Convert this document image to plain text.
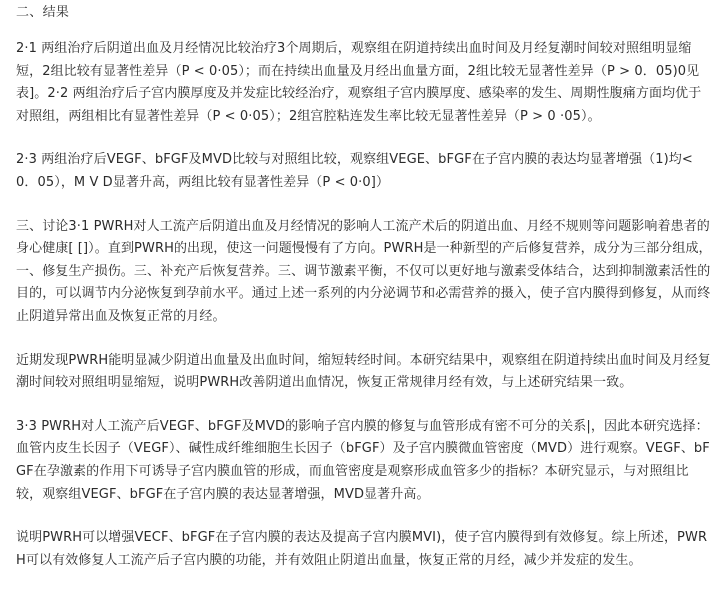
二、结果

2·1 两组治疗后阴道出血及月经情况比较治疗3个周期后，观察组在阴道持续出血时间及月经复潮时间较对照组明显缩短，2组比较有显著性差异（P < 0·05）；而在持续出血量及月经出血量方面，2组比较无显著性差异（P > 0．05)0见表]。2·2 两组治疗后子宫内膜厚度及并发症比较经治疗，观察组子宫内膜厚度、感染率的发生、周期性腹痛方面均优于对照组，两组相比有显著性差异（P < 0·05）；2组宫腔粘连发生率比较无显著性差异（P > 0 ·05）。

2·3 两组治疗后VEGF、bFGF及MVD比较与对照组比较，观察组VEGE、bFGF在子宫内膜的表达均显著增强（1)均< 0．05），M V D显著升高，两组比较有显著性差异（P < 0·0]）

三、讨论3·1 PWRH对人工流产后阴道出血及月经情况的影响人工流产术后的阴道出血、月经不规则等问题影响着患者的身心健康[ []）。直到PWRH的出现，使这一问题慢慢有了方向。PWRH是一种新型的产后修复营养，成分为三部分组成，一、修复生产损伤。三、补充产后恢复营养。三、调节激素平衡，不仅可以更好地与激素受体结合，达到抑制激素活性的目的，可以调节内分泌恢复到孕前水平。通过上述一系列的内分泌调节和必需营养的摄入，使子宫内膜得到修复，从而终止阴道异常出血及恢复正常的月经。

近期发现PWRH能明显减少阴道出血量及出血时间，缩短转经时间。本研究结果中，观察组在阴道持续出血时间及月经复潮时间较对照组明显缩短，说明PWRH改善阴道出血情况，恢复正常规律月经有效，与上述研究结果一致。

3·3 PWRH对人工流产后VEGF、bFGF及MVD的影响子宫内膜的修复与血管形成有密不可分的关系|，因此本研究选择：血管内皮生长因子（VEGF）、碱性成纤维细胞生长因子（bFGF）及子宫内膜微血管密度（MVD）进行观察。VEGF、bFGF在孕激素的作用下可诱导子宫内膜血管的形成，而血管密度是观察形成血管多少的指标？本研究显示，与对照组比较，观察组VEGF、bFGF在子宫内膜的表达显著增强，MVD显著升高。

说明PWRH可以增强VECF、bFGF在子宫内膜的表达及提高子宫内膜MVI)，使子宫内膜得到有效修复。综上所述，PWRH可以有效修复人工流产后子宫内膜的功能，并有效阻止阴道出血量，恢复正常的月经，减少并发症的发生。
